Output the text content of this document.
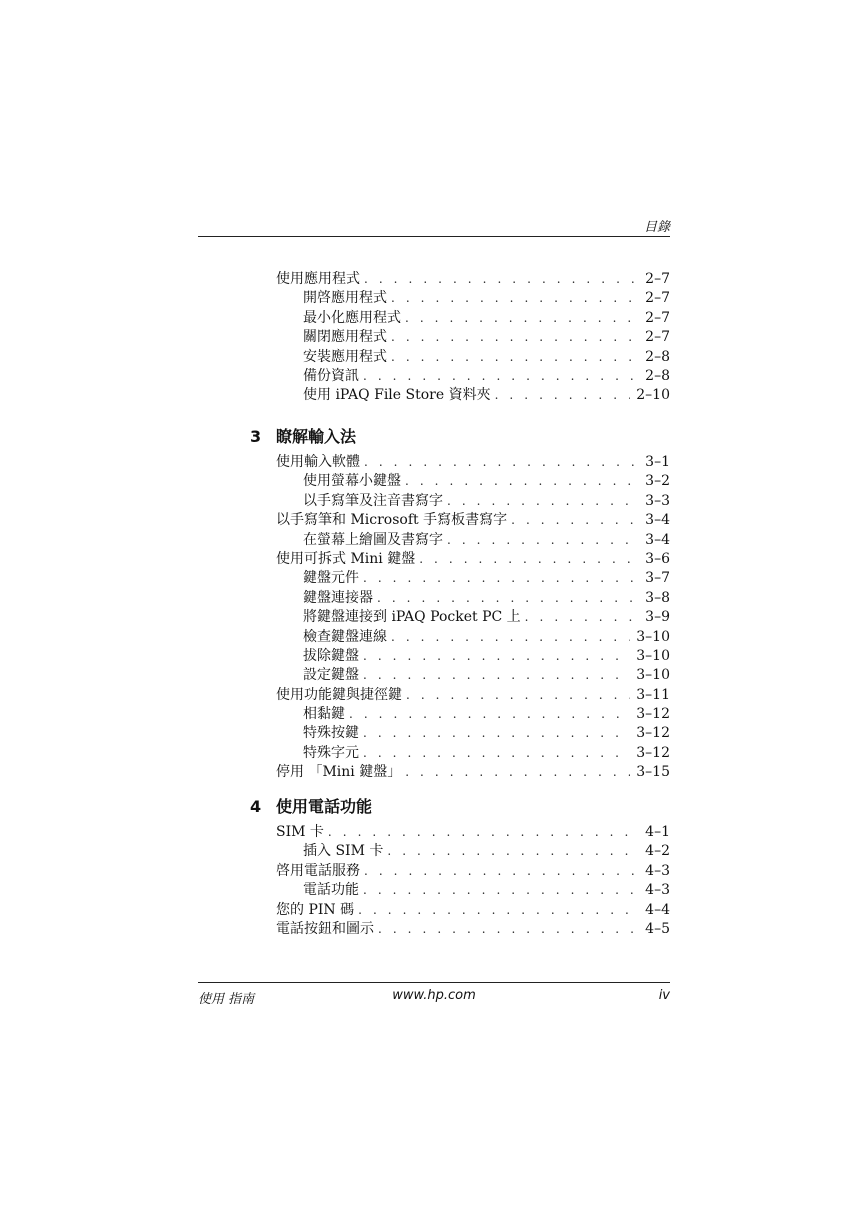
目錄
使用應用程式 . . .	2–7
開啓應用程式 . . .	2–7
最小化應用程式 . . .	2–7
關閉應用程式 . . .	2–7
安裝應用程式 . . .	2–8
備份資訊 . . .	2–8
使用 iPAQ File Store 資料夾 . . .	2–10
3 瞭解輸入法
使用輸入軟體 . . .	3–1
使用螢幕小鍵盤 . . .	3–2
以手寫筆及注音書寫字 . . .	3–3
以手寫筆和 Microsoft 手寫板書寫字 . . .	3–4
在螢幕上繪圖及書寫字 . . .	3–4
使用可拆式 Mini 鍵盤 . . .	3–6
鍵盤元件 . . .	3–7
鍵盤連接器 . . .	3–8
將鍵盤連接到 iPAQ Pocket PC 上 . . .	3–9
檢查鍵盤連線 . . .	3–10
拔除鍵盤 . . .	3–10
設定鍵盤 . . .	3–10
使用功能鍵與捷徑鍵 . . .	3–11
相黏鍵 . . .	3–12
特殊按鍵 . . .	3–12
特殊字元 . . .	3–12
停用 「Mini 鍵盤」 . . .	3–15
4 使用電話功能
SIM 卡 . . .	4–1
插入 SIM 卡 . . .	4–2
啓用電話服務 . . .	4–3
電話功能 . . .	4–3
您的 PIN 碼 . . .	4–4
電話按鈕和圖示 . . .	4–5
使用 指南	www.hp.com	iv
